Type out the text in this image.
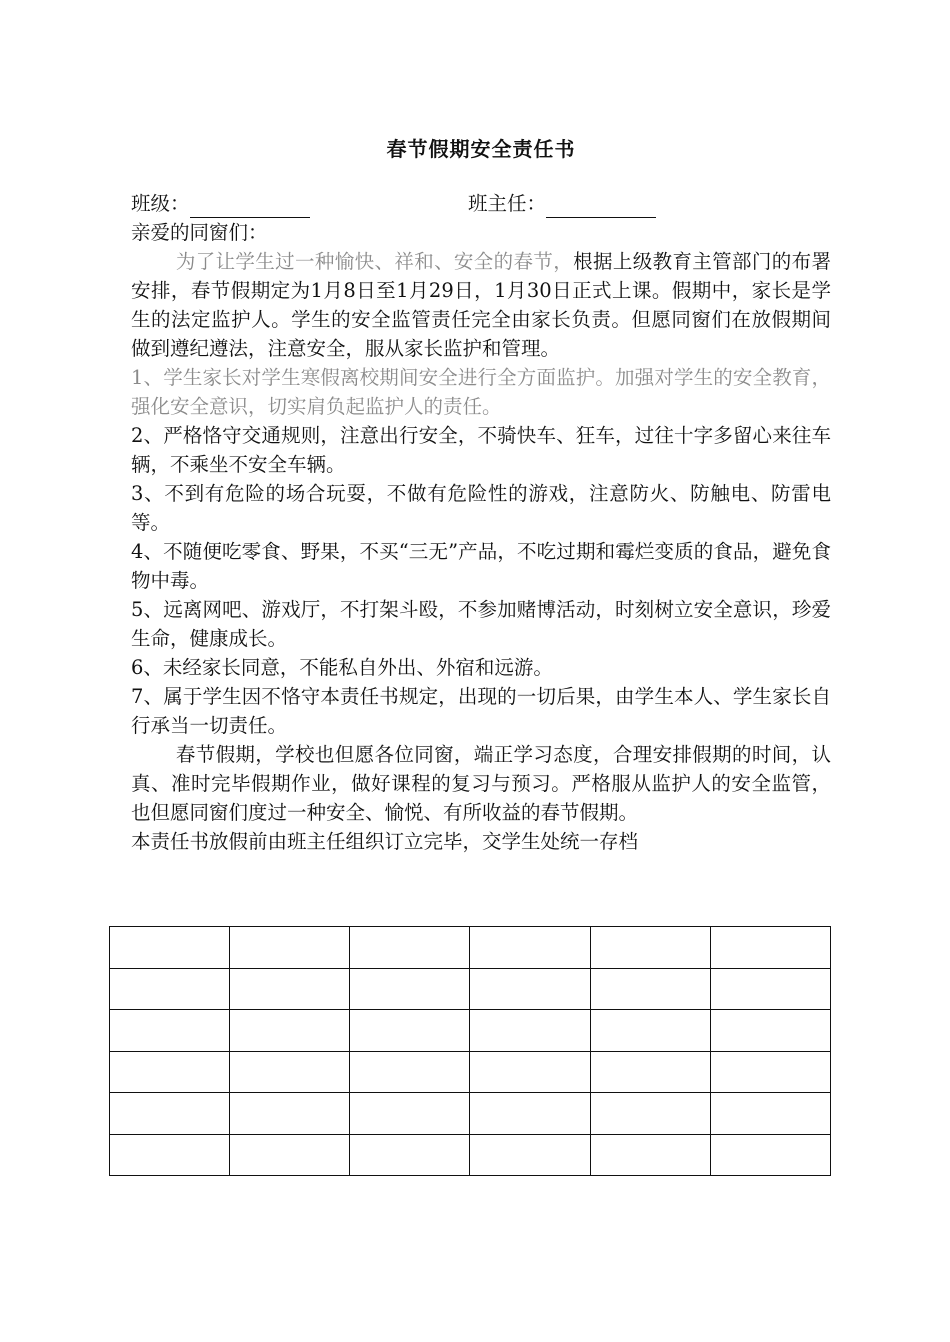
春节假期安全责任书
班级：	班主任：

亲爱的同窗们：

为了让学生过一种愉快、祥和、安全的春节，根据上级教育主管部门的布署安排，春节假期定为1月8日至1月29日，1月30日正式上课。假期中，家长是学生的法定监护人。学生的安全监管责任完全由家长负责。但愿同窗们在放假期间做到遵纪遵法，注意安全，服从家长监护和管理。

1、学生家长对学生寒假离校期间安全进行全方面监护。加强对学生的安全教育，强化安全意识，切实肩负起监护人的责任。

2、严格恪守交通规则，注意出行安全，不骑快车、狂车，过往十字多留心来往车辆，不乘坐不安全车辆。

3、不到有危险的场合玩耍，不做有危险性的游戏，注意防火、防触电、防雷电等。

4、不随便吃零食、野果，不买“三无”产品，不吃过期和霉烂变质的食品，避免食物中毒。

5、远离网吧、游戏厅，不打架斗殴，不参加赌博活动，时刻树立安全意识，珍爱生命，健康成长。

6、未经家长同意，不能私自外出、外宿和远游。

7、属于学生因不恪守本责任书规定，出现的一切后果，由学生本人、学生家长自行承当一切责任。

春节假期，学校也但愿各位同窗，端正学习态度，合理安排假期的时间，认真、准时完毕假期作业，做好课程的复习与预习。严格服从监护人的安全监管，也但愿同窗们度过一种安全、愉悦、有所收益的春节假期。

本责任书放假前由班主任组织订立完毕，交学生处统一存档
